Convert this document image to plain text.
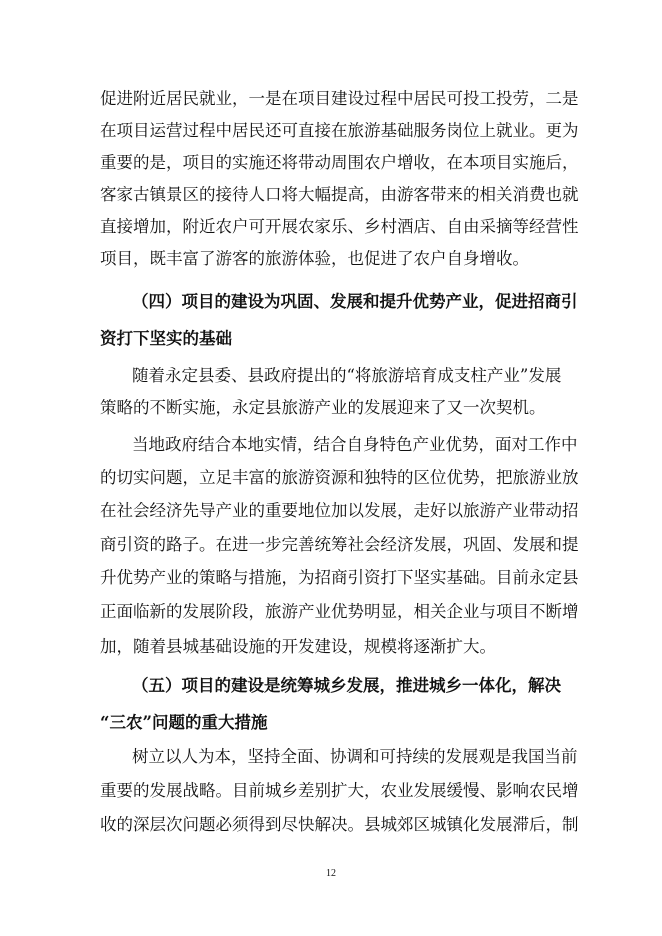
促进附近居民就业，一是在项目建设过程中居民可投工投劳，二是
在项目运营过程中居民还可直接在旅游基础服务岗位上就业。更为
重要的是，项目的实施还将带动周围农户增收，在本项目实施后，
客家古镇景区的接待人口将大幅提高，由游客带来的相关消费也就
直接增加，附近农户可开展农家乐、乡村酒店、自由采摘等经营性
项目，既丰富了游客的旅游体验，也促进了农户自身增收。
（四）项目的建设为巩固、发展和提升优势产业，促进招商引
资打下坚实的基础
随着永定县委、县政府提出的“将旅游培育成支柱产业”发展
策略的不断实施，永定县旅游产业的发展迎来了又一次契机。
当地政府结合本地实情，结合自身特色产业优势，面对工作中
的切实问题，立足丰富的旅游资源和独特的区位优势，把旅游业放
在社会经济先导产业的重要地位加以发展，走好以旅游产业带动招
商引资的路子。在进一步完善统筹社会经济发展，巩固、发展和提
升优势产业的策略与措施，为招商引资打下坚实基础。目前永定县
正面临新的发展阶段，旅游产业优势明显，相关企业与项目不断增
加，随着县城基础设施的开发建设，规模将逐渐扩大。
（五）项目的建设是统筹城乡发展，推进城乡一体化，解决
“三农”问题的重大措施
树立以人为本，坚持全面、协调和可持续的发展观是我国当前
重要的发展战略。目前城乡差别扩大，农业发展缓慢、影响农民增
收的深层次问题必须得到尽快解决。县城郊区城镇化发展滞后，制
12
